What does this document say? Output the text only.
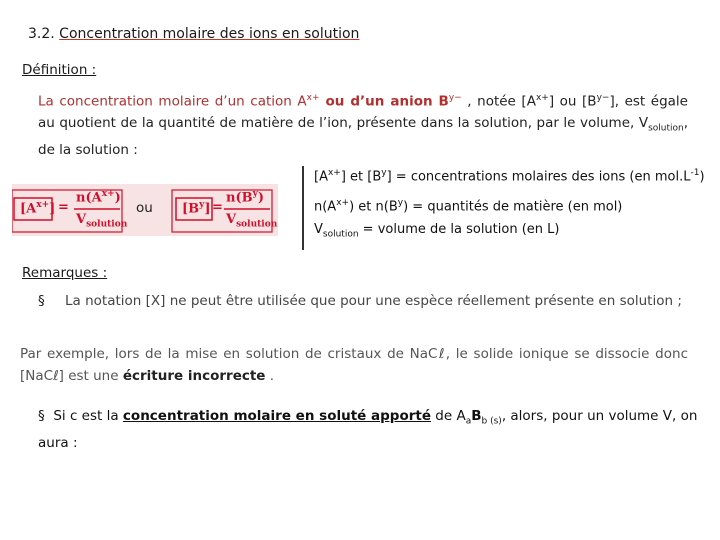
3.2. Concentration molaire des ions en solution
Définition :
La concentration molaire d’un cation $A^{x+}$ ou d’un anion $B^{y-}$ , notée $[A^{x+}]$ ou $[B^{y-}]$, est égale au quotient de la quantité de matière de l’ion, présente dans la solution, par le volume, $V_{solution}$, de la solution :
$[A^{x+}]$ =
$n(A^{x+})$
$V_{solution}$
ou $[B^y]$ =
$n(B^y)$
$V_{solution}$
$[A^{x+}]$ et $[B^y]$ = concentrations molaires des ions (en $mol.L^{-1}$)
$n(A^{x+})$ et $n(B^y)$ = quantités de matière (en mol)
$V_{solution}$ = volume de la solution (en L)
Remarques :
§ La notation [X] ne peut être utilisée que pour une espèce réellement présente en solution ;
Par exemple, lors de la mise en solution de cristaux de NaCℓ, le solide ionique se dissocie donc [NaCℓ] est une écriture incorrecte .
§ Si c est la concentration molaire en soluté apporté de $A_aB_{b (s)}$, alors, pour un volume V, on aura :
